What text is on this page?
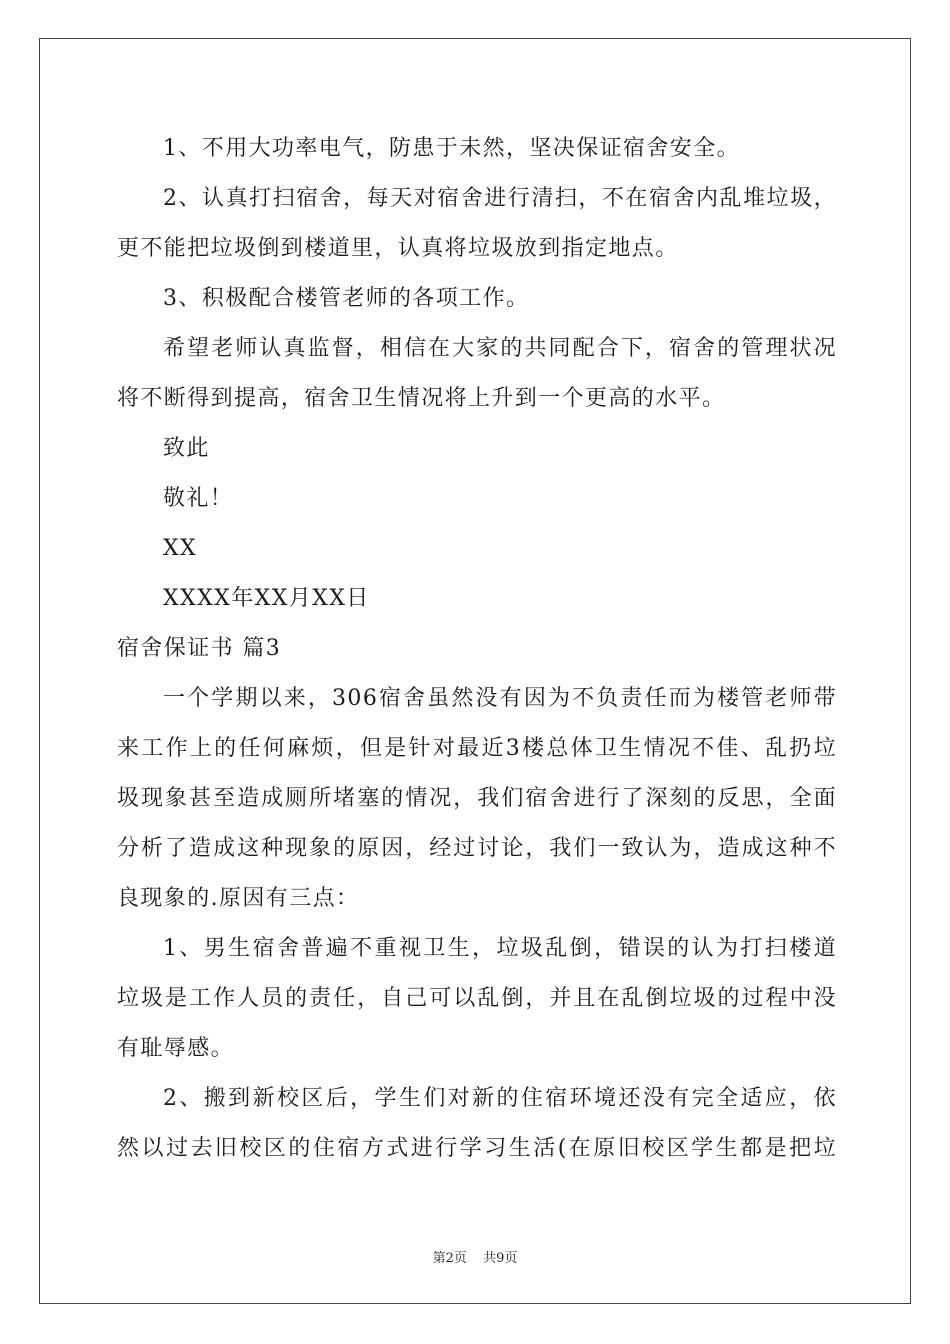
1、不用大功率电气，防患于未然，坚决保证宿舍安全。
2、认真打扫宿舍，每天对宿舍进行清扫，不在宿舍内乱堆垃圾，
更不能把垃圾倒到楼道里，认真将垃圾放到指定地点。
3、积极配合楼管老师的各项工作。
希望老师认真监督，相信在大家的共同配合下，宿舍的管理状况
将不断得到提高，宿舍卫生情况将上升到一个更高的水平。
致此
敬礼！
XX
XXXX年XX月XX日
宿舍保证书 篇3
一个学期以来，306宿舍虽然没有因为不负责任而为楼管老师带
来工作上的任何麻烦，但是针对最近3楼总体卫生情况不佳、乱扔垃
圾现象甚至造成厕所堵塞的情况，我们宿舍进行了深刻的反思，全面
分析了造成这种现象的原因，经过讨论，我们一致认为，造成这种不
良现象的.原因有三点：
1、男生宿舍普遍不重视卫生，垃圾乱倒，错误的认为打扫楼道
垃圾是工作人员的责任，自己可以乱倒，并且在乱倒垃圾的过程中没
有耻辱感。
2、搬到新校区后，学生们对新的住宿环境还没有完全适应，依
然以过去旧校区的住宿方式进行学习生活(在原旧校区学生都是把垃
第2页 共9页
